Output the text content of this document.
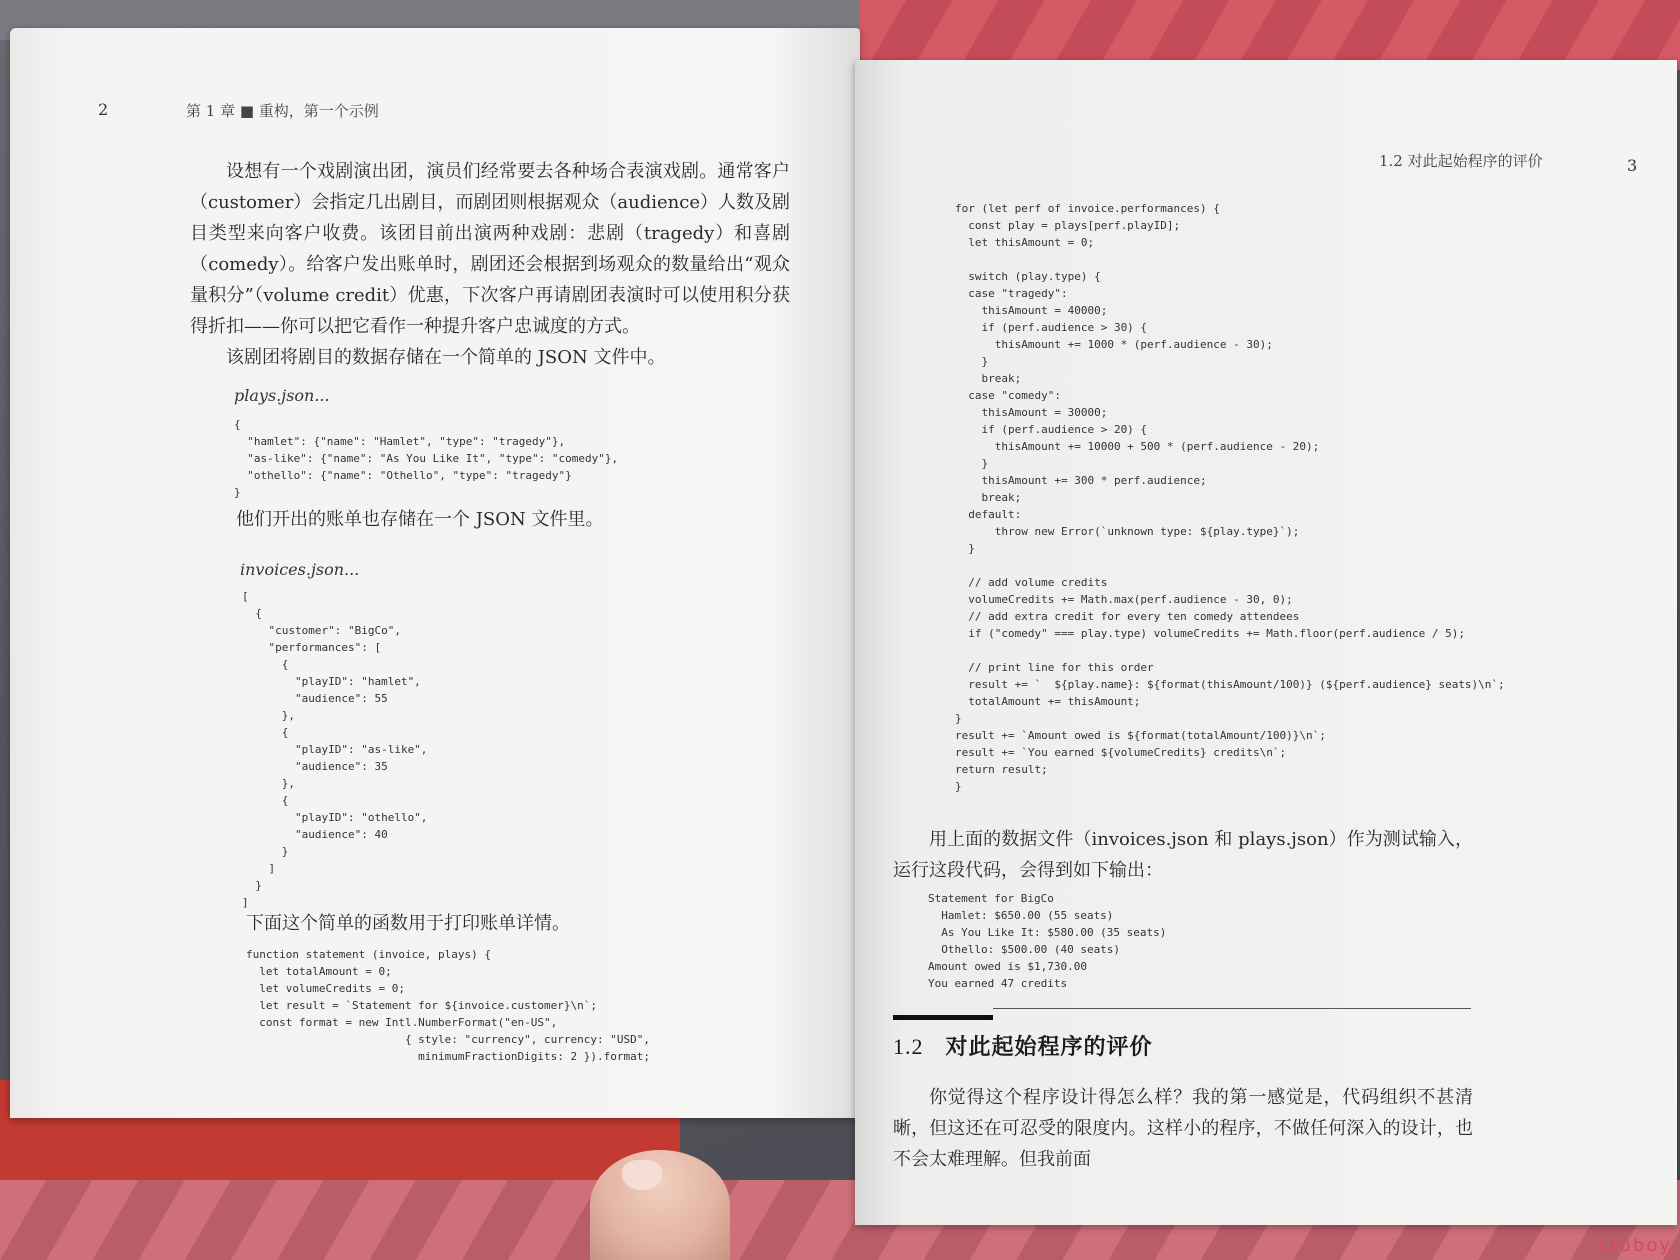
2	第 1 章 ■ 重构，第一个示例

设想有一个戏剧演出团，演员们经常要去各种场合表演戏剧。通常客户（customer）会指定几出剧目，而剧团则根据观众（audience）人数及剧目类型来向客户收费。该团目前出演两种戏剧：悲剧（tragedy）和喜剧（comedy）。给客户发出账单时，剧团还会根据到场观众的数量给出“观众量积分”（volume credit）优惠，下次客户再请剧团表演时可以使用积分获得折扣——你可以把它看作一种提升客户忠诚度的方式。

该剧团将剧目的数据存储在一个简单的 JSON 文件中。

plays.json...
{
"hamlet": {"name": "Hamlet", "type": "tragedy"},
"as-like": {"name": "As You Like It", "type": "comedy"},
"othello": {"name": "Othello", "type": "tragedy"}
}

他们开出的账单也存储在一个 JSON 文件里。

invoices.json...
[
{
"customer": "BigCo",
"performances": [
{
"playID": "hamlet",
"audience": 55
},
{
"playID": "as-like",
"audience": 35
},
{
"playID": "othello",
"audience": 40
}
]
}
]

下面这个简单的函数用于打印账单详情。

function statement (invoice, plays) {
let totalAmount = 0;
let volumeCredits = 0;
let result = `Statement for ${invoice.customer}\n`;
const format = new Intl.NumberFormat("en-US",
{ style: "currency", currency: "USD",
minimumFractionDigits: 2 }).format;
1.2 对此起始程序的评价	3
for (let perf of invoice.performances) {
const play = plays[perf.playID];
let thisAmount = 0;

switch (play.type) {
case "tragedy":
thisAmount = 40000;
if (perf.audience > 30) {
thisAmount += 1000 * (perf.audience - 30);
}
break;
case "comedy":
thisAmount = 30000;
if (perf.audience > 20) {
thisAmount += 10000 + 500 * (perf.audience - 20);
}
thisAmount += 300 * perf.audience;
break;
default:
throw new Error(`unknown type: ${play.type}`);
}

// add volume credits
volumeCredits += Math.max(perf.audience - 30, 0);
// add extra credit for every ten comedy attendees
if ("comedy" === play.type) volumeCredits += Math.floor(perf.audience / 5);

// print line for this order
result += `  ${play.name}: ${format(thisAmount/100)} (${perf.audience} seats)\n`;
totalAmount += thisAmount;
}
result += `Amount owed is ${format(totalAmount/100)}\n`;
result += `You earned ${volumeCredits} credits\n`;
return result;
}

用上面的数据文件（invoices.json 和 plays.json）作为测试输入，运行这段代码，会得到如下输出：

Statement for BigCo
Hamlet: $650.00 (55 seats)
As You Like It: $580.00 (35 seats)
Othello: $500.00 (40 seats)
Amount owed is $1,730.00
You earned 47 credits
1.2 对此起始程序的评价

你觉得这个程序设计得怎么样？我的第一感觉是，代码组织不甚清晰，但这还在可忍受的限度内。这样小的程序，不做任何深入的设计，也不会太难理解。但我前面

cruboy
